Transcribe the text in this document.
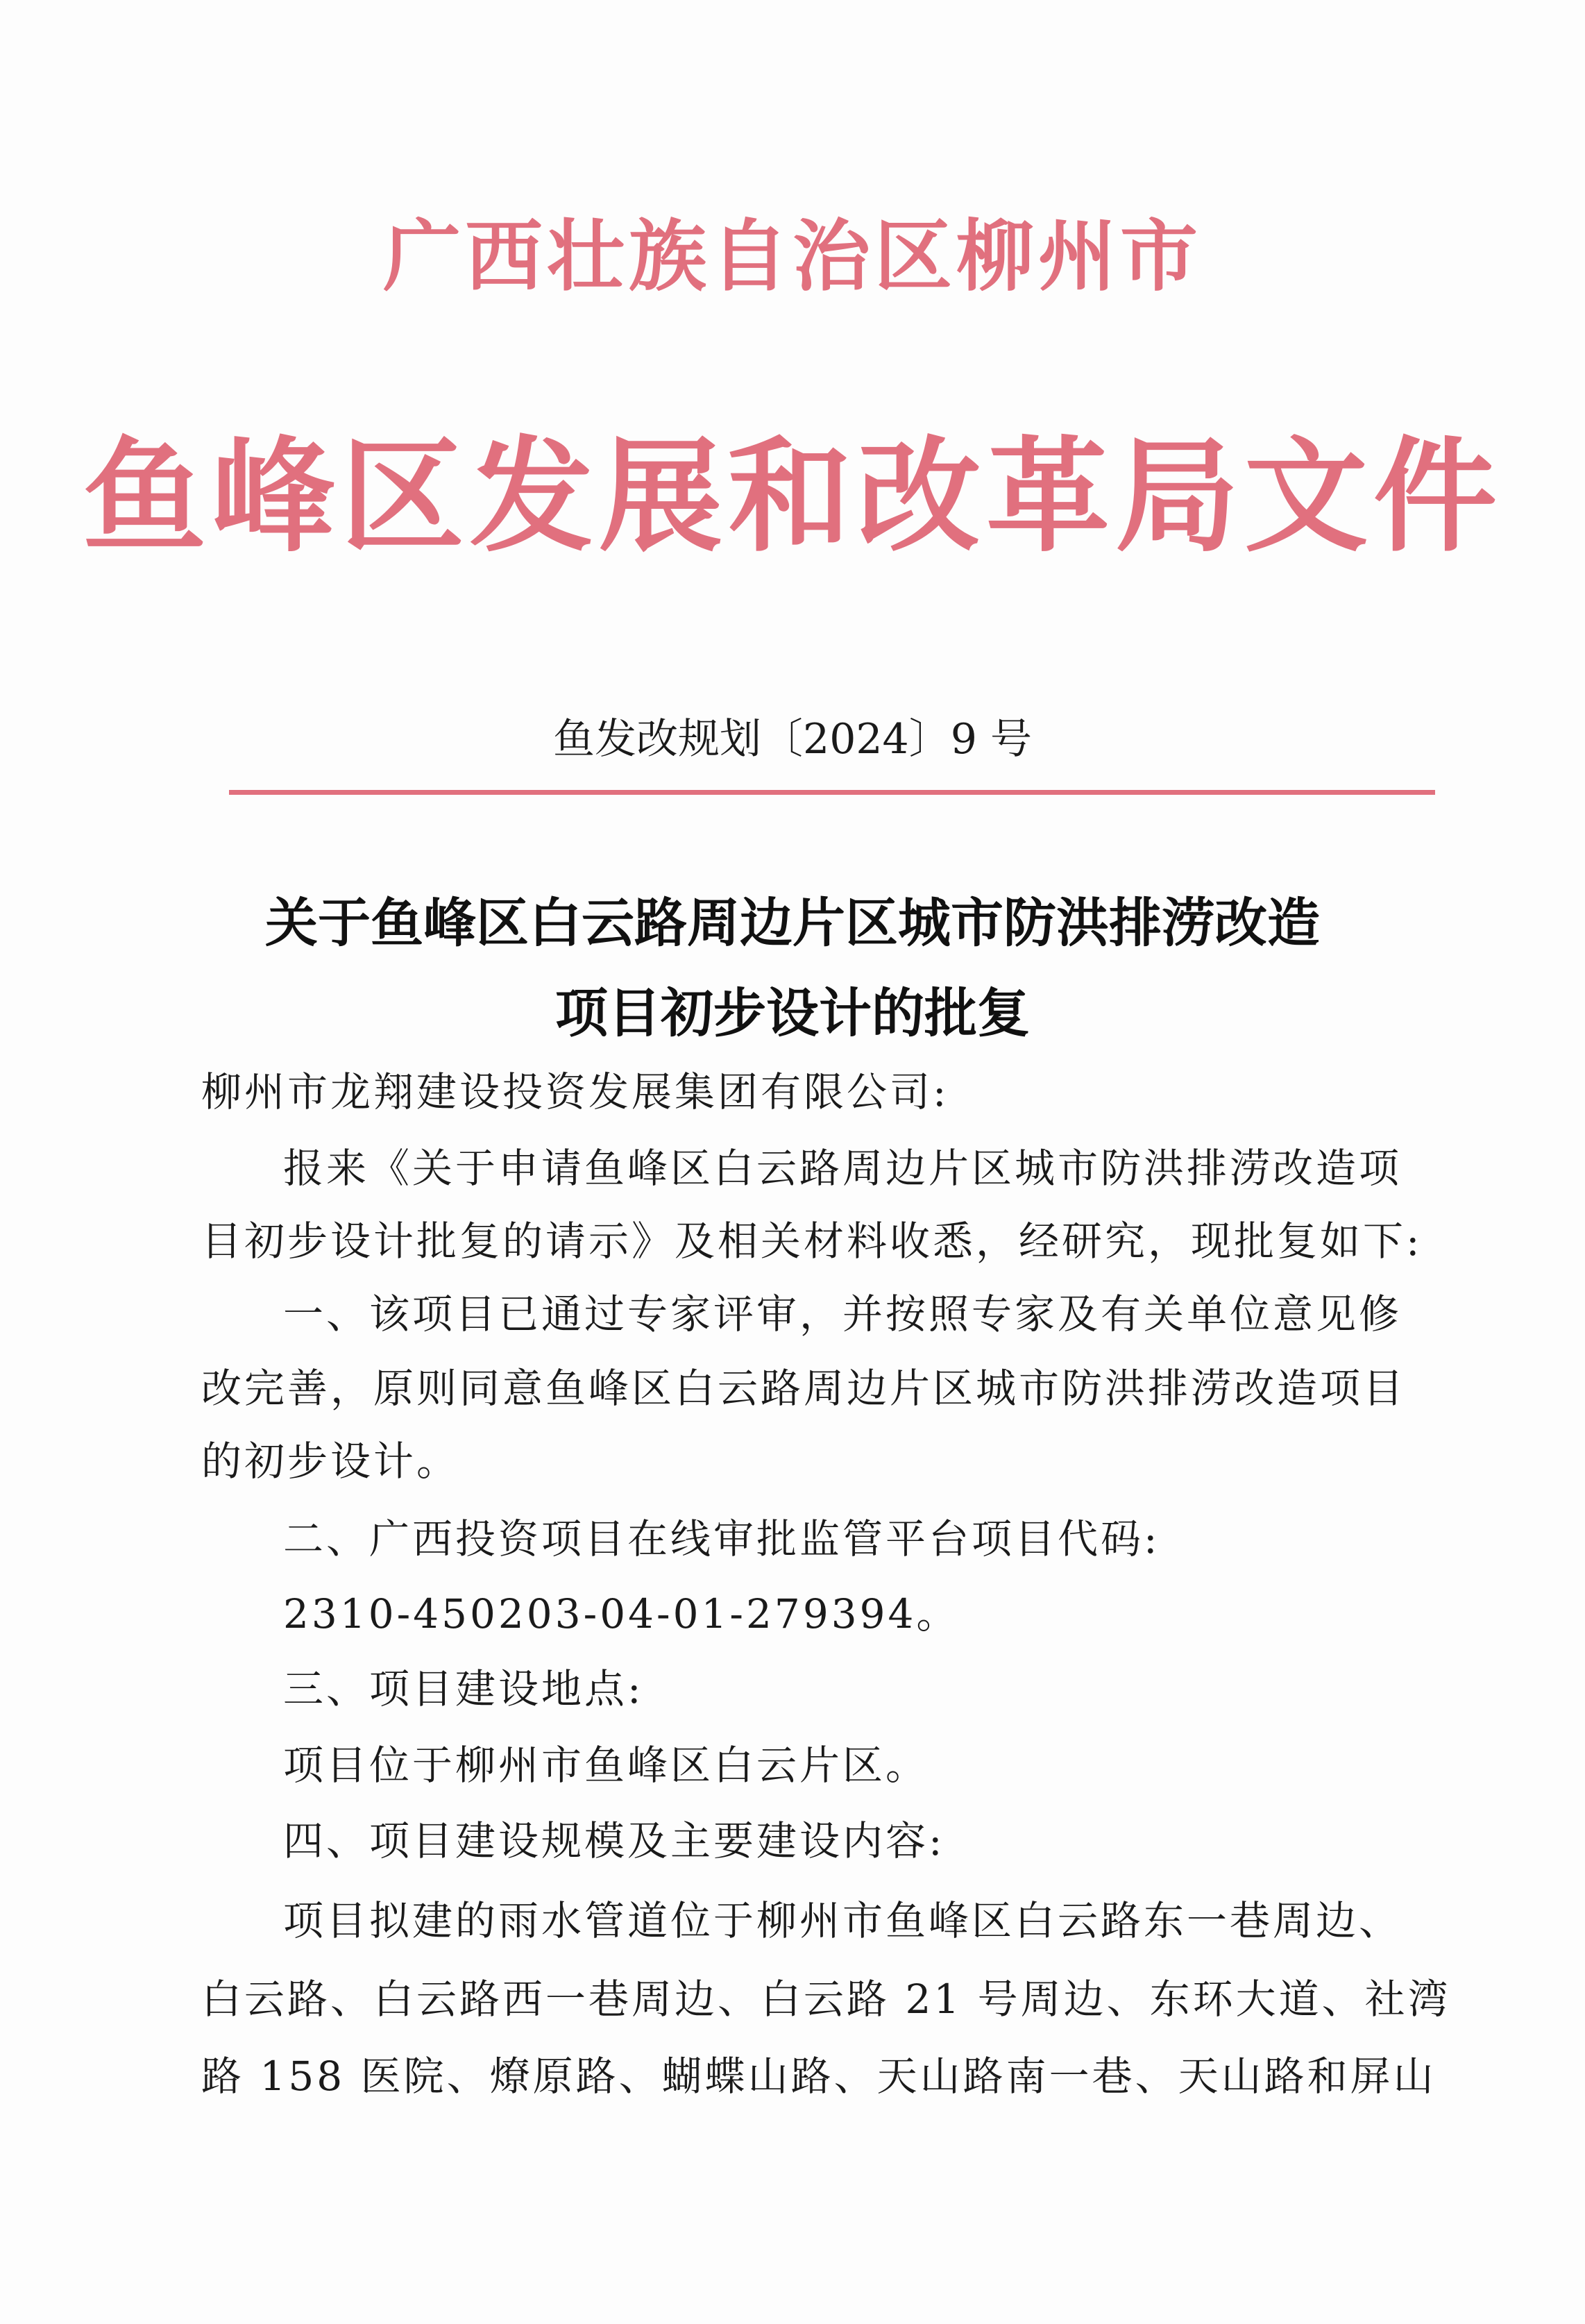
广西壮族自治区柳州市
鱼峰区发展和改革局文件
鱼发改规划〔2024〕9 号
关于鱼峰区白云路周边片区城市防洪排涝改造
项目初步设计的批复
柳州市龙翔建设投资发展集团有限公司:
报来《关于申请鱼峰区白云路周边片区城市防洪排涝改造项
目初步设计批复的请示》及相关材料收悉，经研究，现批复如下:
一、该项目已通过专家评审，并按照专家及有关单位意见修
改完善，原则同意鱼峰区白云路周边片区城市防洪排涝改造项目
的初步设计。
二、广西投资项目在线审批监管平台项目代码:
2310-450203-04-01-279394。
三、项目建设地点:
项目位于柳州市鱼峰区白云片区。
四、项目建设规模及主要建设内容:
项目拟建的雨水管道位于柳州市鱼峰区白云路东一巷周边、
白云路、白云路西一巷周边、白云路 21 号周边、东环大道、社湾
路 158 医院、燎原路、蝴蝶山路、天山路南一巷、天山路和屏山
